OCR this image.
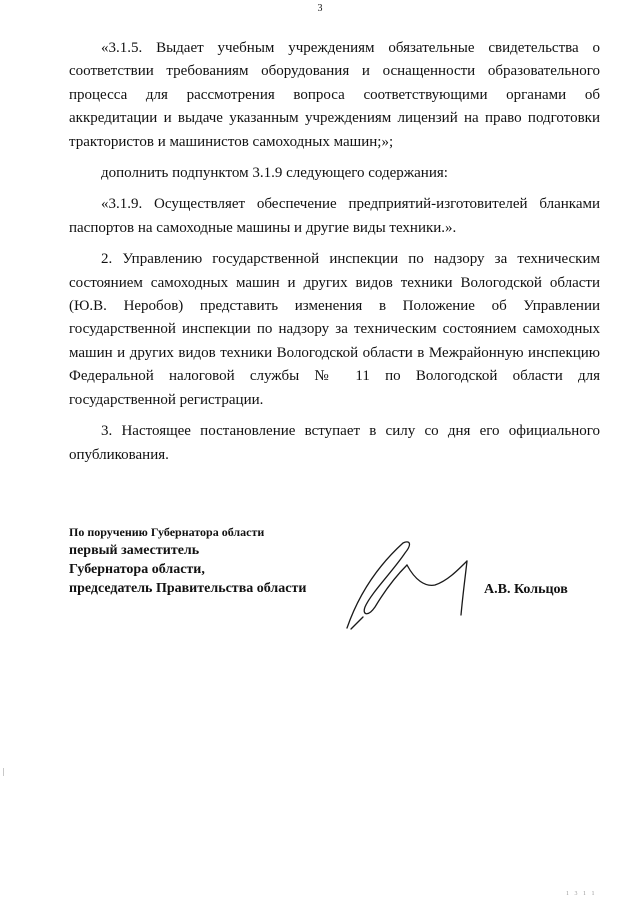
3

«3.1.5. Выдает учебным учреждениям обязательные свидетельства о соответствии требованиям оборудования и оснащенности образовательного процесса для рассмотрения вопроса соответствующими органами об аккредитации и выдаче указанным учреждениям лицензий на право подготовки трактористов и машинистов самоходных машин;»;

дополнить подпунктом 3.1.9 следующего содержания:

«3.1.9. Осуществляет обеспечение предприятий-изготовителей бланками паспортов на самоходные машины и другие виды техники.».

2. Управлению государственной инспекции по надзору за техническим состоянием самоходных машин и других видов техники Вологодской области (Ю.В. Неробов) представить изменения в Положение об Управлении государственной инспекции по надзору за техническим состоянием самоходных машин и других видов техники Вологодской области в Межрайонную инспекцию Федеральной налоговой службы № 11 по Вологодской области для государственной регистрации.

3. Настоящее постановление вступает в силу со дня его официального опубликования.

По поручению Губернатора области
первый заместитель
Губернатора области,
председатель Правительства области	А.В. Кольцов
1 3 1 1
